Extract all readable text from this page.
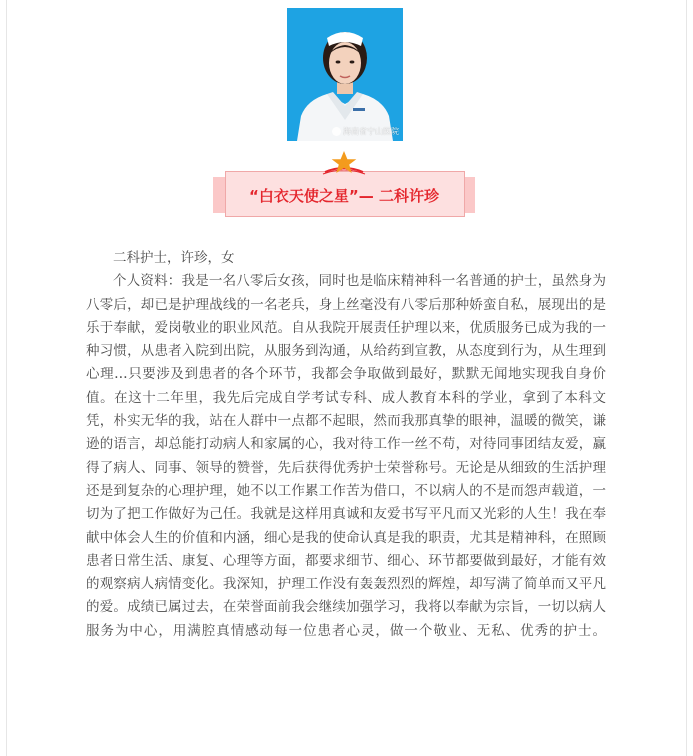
海南省宁山医院
“白衣天使之星”— 二科许珍

二科护士，许珍，女

个人资料：我是一名八零后女孩，同时也是临床精神科一名普通的护士，虽然身为八零后，却已是护理战线的一名老兵，身上丝毫没有八零后那种娇蛮自私，展现出的是乐于奉献，爱岗敬业的职业风范。自从我院开展责任护理以来，优质服务已成为我的一种习惯，从患者入院到出院，从服务到沟通，从给药到宣教，从态度到行为，从生理到心理…只要涉及到患者的各个环节，我都会争取做到最好，默默无闻地实现我自身价值。在这十二年里，我先后完成自学考试专科、成人教育本科的学业，拿到了本科文凭，朴实无华的我，站在人群中一点都不起眼，然而我那真挚的眼神，温暖的微笑，谦逊的语言，却总能打动病人和家属的心，我对待工作一丝不苟，对待同事团结友爱，赢得了病人、同事、领导的赞誉，先后获得优秀护士荣誉称号。无论是从细致的生活护理还是到复杂的心理护理，她不以工作累工作苦为借口，不以病人的不是而怨声载道，一切为了把工作做好为己任。我就是这样用真诚和友爱书写平凡而又光彩的人生！我在奉献中体会人生的价值和内涵，细心是我的使命认真是我的职责，尤其是精神科，在照顾患者日常生活、康复、心理等方面，都要求细节、细心、环节都要做到最好，才能有效的观察病人病情变化。我深知，护理工作没有轰轰烈烈的辉煌，却写满了简单而又平凡的爱。成绩已属过去，在荣誉面前我会继续加强学习，我将以奉献为宗旨，一切以病人服务为中心，用满腔真情感动每一位患者心灵，做一个敬业、无私、优秀的护士。
